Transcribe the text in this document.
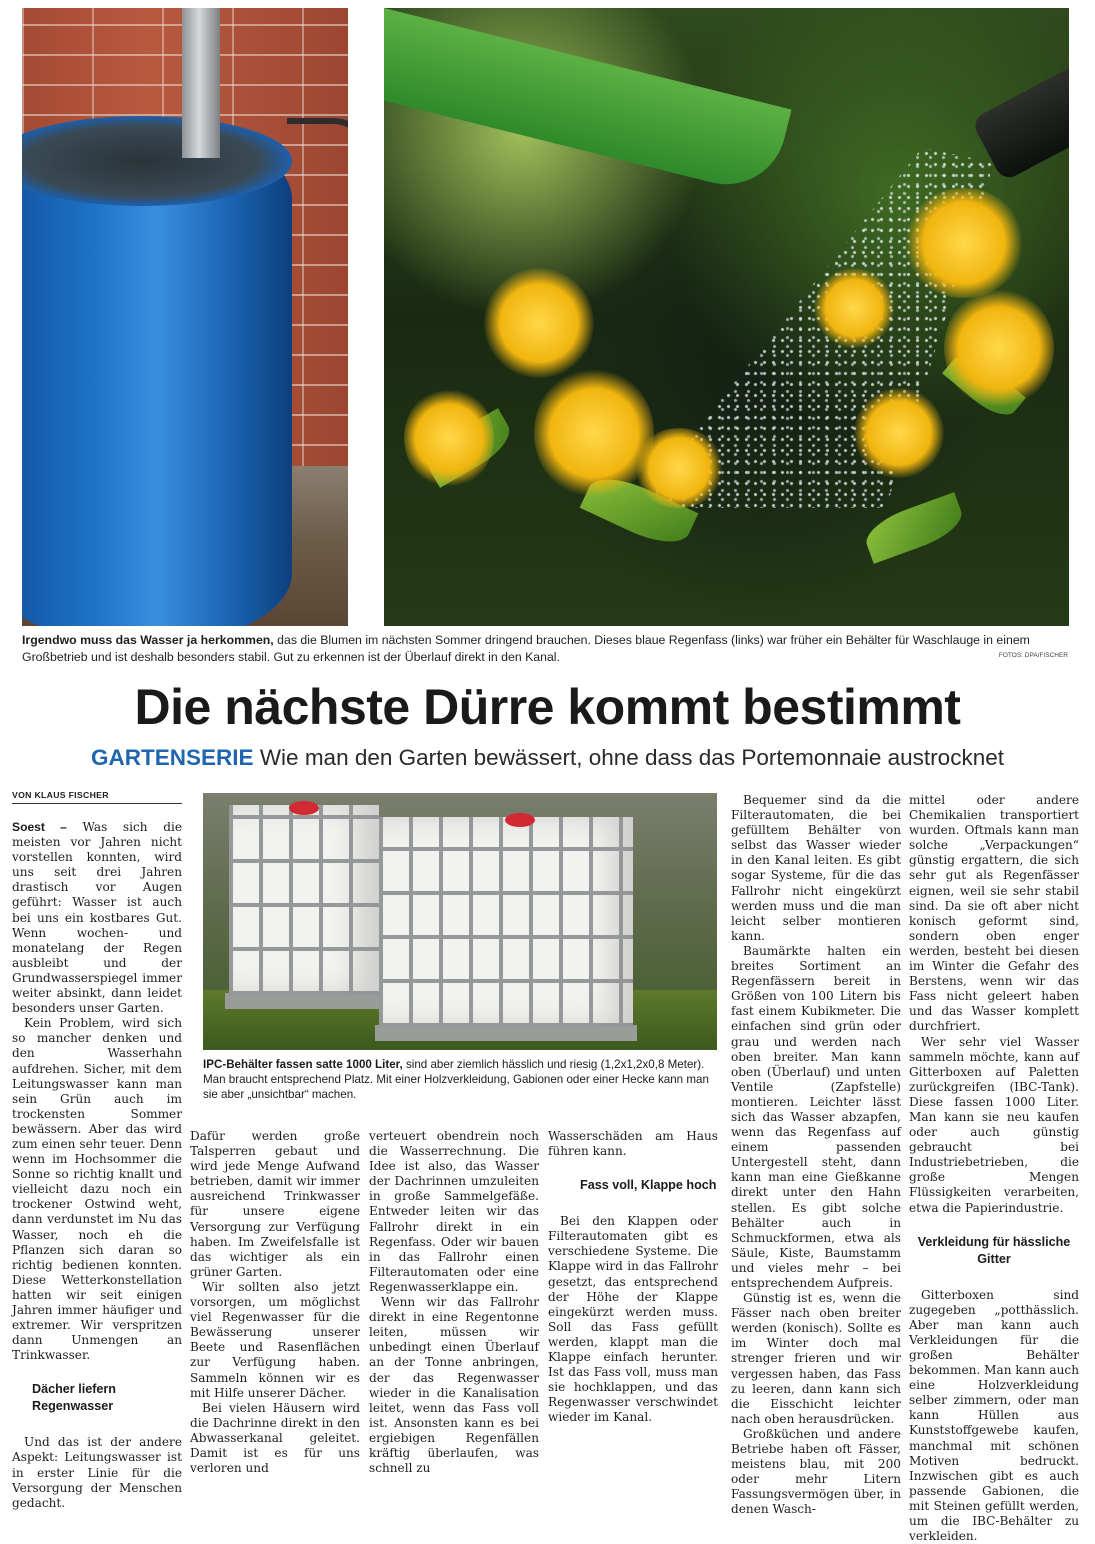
Irgendwo muss das Wasser ja herkommen, das die Blumen im nächsten Sommer dringend brauchen. Dieses blaue Regenfass (links) war früher ein Behälter für Waschlauge in einem Großbetrieb und ist deshalb besonders stabil. Gut zu erkennen ist der Überlauf direkt in den Kanal.	FOTOS: DPA/FISCHER
Die nächste Dürre kommt bestimmt
GARTENSERIE Wie man den Garten bewässert, ohne dass das Portemonnaie austrocknet
VON KLAUS FISCHER
IPC-Behälter fassen satte 1000 Liter, sind aber ziemlich hässlich und riesig (1,2x1,2x0,8 Meter). Man braucht entsprechend Platz. Mit einer Holzverkleidung, Gabionen oder einer Hecke kann man sie aber „unsichtbar“ machen.

Soest – Was sich die meisten vor Jahren nicht vorstellen konnten, wird uns seit drei Jahren drastisch vor Augen geführt: Wasser ist auch bei uns ein kostbares Gut. Wenn wochen- und monatelang der Regen ausbleibt und der Grundwasserspiegel immer weiter absinkt, dann leidet besonders unser Garten.

Kein Problem, wird sich so mancher denken und den Wasserhahn aufdrehen. Sicher, mit dem Leitungswasser kann man sein Grün auch im trockensten Sommer bewässern. Aber das wird zum einen sehr teuer. Denn wenn im Hochsommer die Sonne so richtig knallt und vielleicht dazu noch ein trockener Ostwind weht, dann verdunstet im Nu das Wasser, noch eh die Pflanzen sich daran so richtig bedienen konnten. Diese Wetterkonstellation hatten wir seit einigen Jahren immer häufiger und extremer. Wir verspritzen dann Unmengen an Trinkwasser.

Dächer liefern Regenwasser

Und das ist der andere Aspekt: Leitungswasser ist in erster Linie für die Versorgung der Menschen gedacht.

Dafür werden große Talsperren gebaut und wird jede Menge Aufwand betrieben, damit wir immer ausreichend Trinkwasser für unsere eigene Versorgung zur Verfügung haben. Im Zweifelsfalle ist das wichtiger als ein grüner Garten.

Wir sollten also jetzt vorsorgen, um möglichst viel Regenwasser für die Bewässerung unserer Beete und Rasenflächen zur Verfügung haben. Sammeln können wir es mit Hilfe unserer Dächer.

Bei vielen Häusern wird die Dachrinne direkt in den Abwasserkanal geleitet. Damit ist es für uns verloren und

verteuert obendrein noch die Wasserrechnung. Die Idee ist also, das Wasser der Dachrinnen umzuleiten in große Sammelgefäße. Entweder leiten wir das Fallrohr direkt in ein Regenfass. Oder wir bauen in das Fallrohr einen Filterautomaten oder eine Regenwasserklappe ein.

Wenn wir das Fallrohr direkt in eine Regentonne leiten, müssen wir unbedingt einen Überlauf an der Tonne anbringen, der das Regenwasser wieder in die Kanalisation leitet, wenn das Fass voll ist. Ansonsten kann es bei ergiebigen Regenfällen kräftig überlaufen, was schnell zu

Wasserschäden am Haus führen kann.

Fass voll, Klappe hoch

Bei den Klappen oder Filterautomaten gibt es verschiedene Systeme. Die Klappe wird in das Fallrohr gesetzt, das entsprechend der Höhe der Klappe eingekürzt werden muss. Soll das Fass gefüllt werden, klappt man die Klappe einfach herunter. Ist das Fass voll, muss man sie hochklappen, und das Regenwasser verschwindet wieder im Kanal.

Bequemer sind da die Filterautomaten, die bei gefülltem Behälter von selbst das Wasser wieder in den Kanal leiten. Es gibt sogar Systeme, für die das Fallrohr nicht eingekürzt werden muss und die man leicht selber montieren kann.

Baumärkte halten ein breites Sortiment an Regenfässern bereit in Größen von 100 Litern bis fast einem Kubikmeter. Die einfachen sind grün oder grau und werden nach oben breiter. Man kann oben (Überlauf) und unten Ventile (Zapfstelle) montieren. Leichter lässt sich das Wasser abzapfen, wenn das Regenfass auf einem passenden Untergestell steht, dann kann man eine Gießkanne direkt unter den Hahn stellen. Es gibt solche Behälter auch in Schmuckformen, etwa als Säule, Kiste, Baumstamm und vieles mehr – bei entsprechendem Aufpreis.

Günstig ist es, wenn die Fässer nach oben breiter werden (konisch). Sollte es im Winter doch mal strenger frieren und wir vergessen haben, das Fass zu leeren, dann kann sich die Eisschicht leichter nach oben herausdrücken.

Großküchen und andere Betriebe haben oft Fässer, meistens blau, mit 200 oder mehr Litern Fassungsvermögen über, in denen Wasch-

mittel oder andere Chemikalien transportiert wurden. Oftmals kann man solche „Verpackungen“ günstig ergattern, die sich sehr gut als Regenfässer eignen, weil sie sehr stabil sind. Da sie oft aber nicht konisch geformt sind, sondern oben enger werden, besteht bei diesen im Winter die Gefahr des Berstens, wenn wir das Fass nicht geleert haben und das Wasser komplett durchfriert.

Wer sehr viel Wasser sammeln möchte, kann auf Gitterboxen auf Paletten zurückgreifen (IBC-Tank). Diese fassen 1000 Liter. Man kann sie neu kaufen oder auch günstig gebraucht bei Industriebetrieben, die große Mengen Flüssigkeiten verarbeiten, etwa die Papierindustrie.

Verkleidung für hässliche Gitter

Gitterboxen sind zugegeben „potthässlich. Aber man kann auch Verkleidungen für die großen Behälter bekommen. Man kann auch eine Holzverkleidung selber zimmern, oder man kann Hüllen aus Kunststoffgewebe kaufen, manchmal mit schönen Motiven bedruckt. Inzwischen gibt es auch passende Gabionen, die mit Steinen gefüllt werden, um die IBC-Behälter zu verkleiden.
